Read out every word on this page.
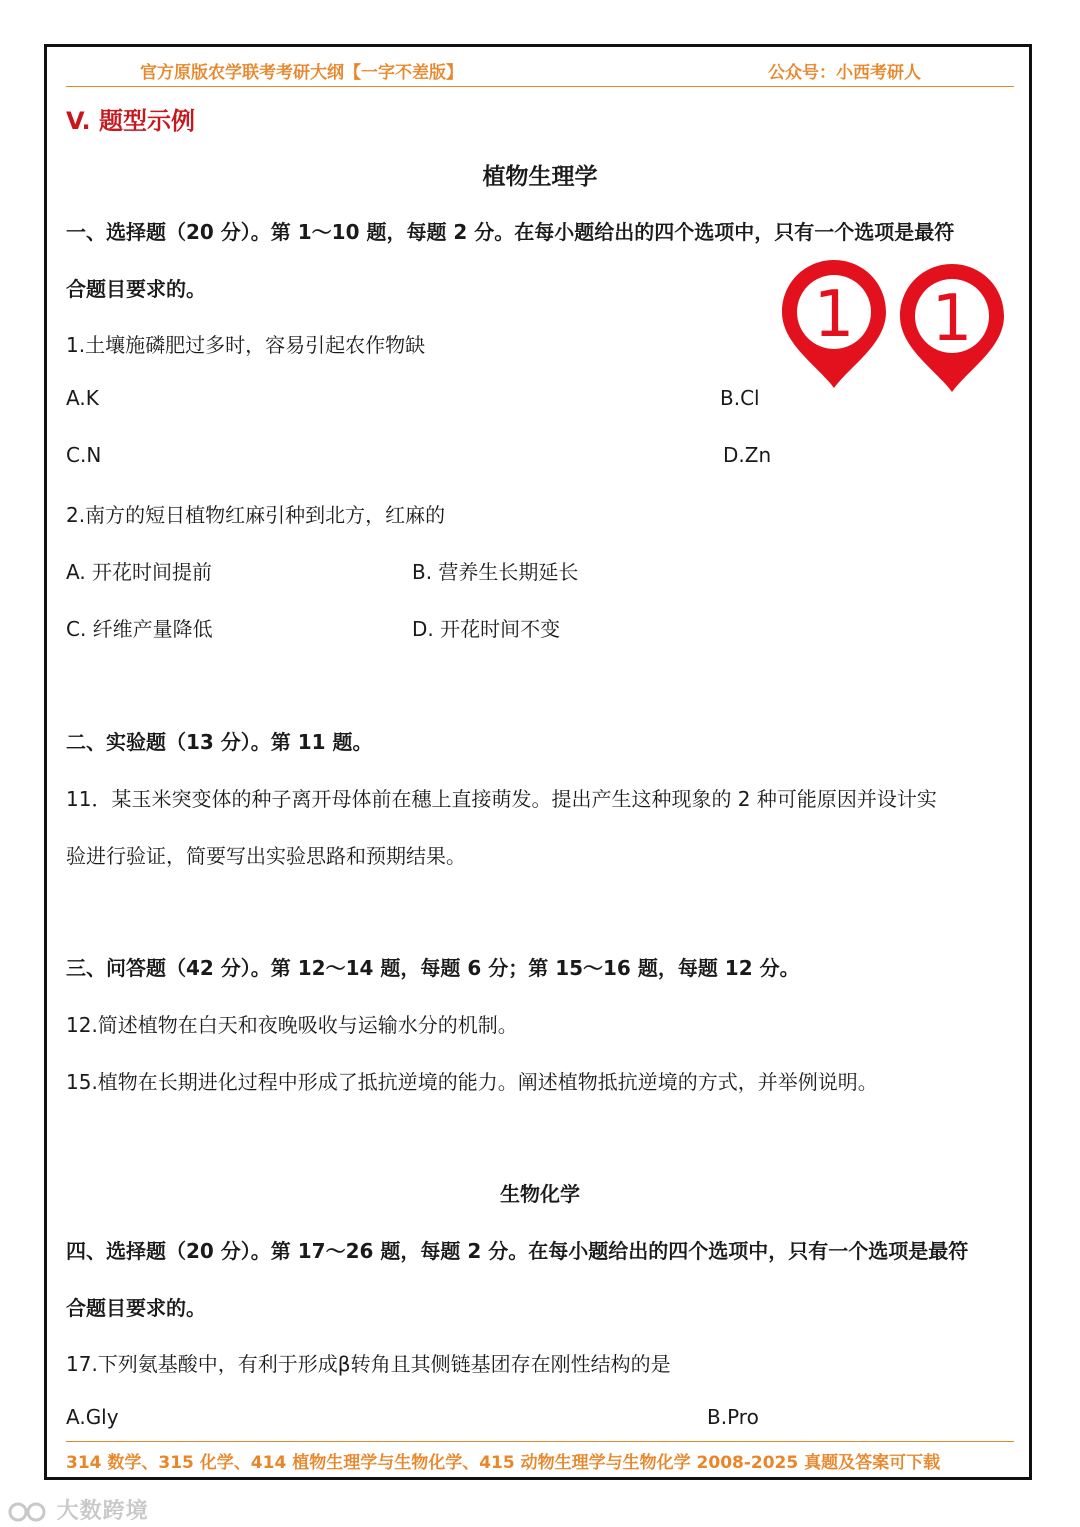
官方原版农学联考考研大纲【一字不差版】	公众号：小西考研人
V. 题型示例
植物生理学
一、选择题（20 分）。第 1～10 题，每题 2 分。在每小题给出的四个选项中，只有一个选项是最符
合题目要求的。
1.土壤施磷肥过多时，容易引起农作物缺
A.K	B.Cl
C.N	D.Zn
2.南方的短日植物红麻引种到北方，红麻的
A. 开花时间提前	B. 营养生长期延长
C. 纤维产量降低	D. 开花时间不变
二、实验题（13 分）。第 11 题。
11．某玉米突变体的种子离开母体前在穗上直接萌发。提出产生这种现象的 2 种可能原因并设计实
验进行验证，简要写出实验思路和预期结果。
三、问答题（42 分）。第 12～14 题，每题 6 分；第 15～16 题，每题 12 分。
12.简述植物在白天和夜晚吸收与运输水分的机制。
15.植物在长期进化过程中形成了抵抗逆境的能力。阐述植物抵抗逆境的方式，并举例说明。
生物化学
四、选择题（20 分）。第 17～26 题，每题 2 分。在每小题给出的四个选项中，只有一个选项是最符
合题目要求的。
17.下列氨基酸中，有利于形成β转角且其侧链基团存在刚性结构的是
A.Gly	B.Pro
1 1
314 数学、315 化学、414 植物生理学与生物化学、415 动物生理学与生物化学 2008-2025 真题及答案可下载
大数跨境
